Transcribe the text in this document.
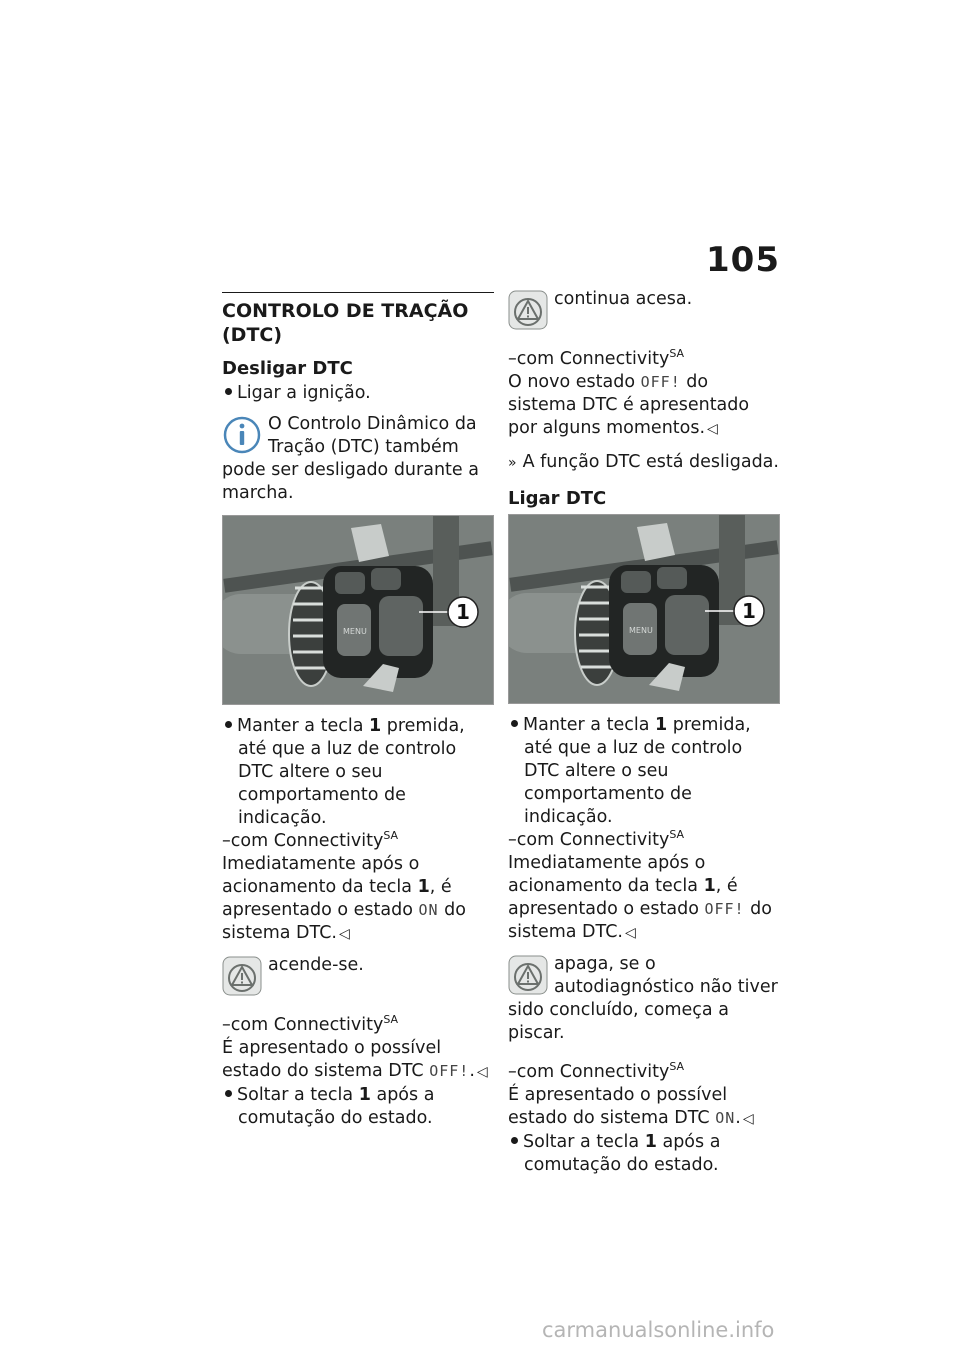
105
CONTROLO DE TRAÇÃO (DTC)
Desligar DTC

Ligar a ignição.

O Controlo Dinâmico da Tração (DTC) também pode ser desligado durante a marcha.
MENU
1

Manter a tecla 1 premida, até que a luz de controlo DTC altere o seu comportamento de indicação.

–com Connectivity$^{SA}$

Imediatamente após o acionamento da tecla 1, é apresentado o estado ON do sistema DTC. ◁

acende-se.

–com Connectivity$^{SA}$

É apresentado o possível estado do sistema DTC OFF!. ◁

Soltar a tecla 1 após a comutação do estado.

continua acesa.

–com Connectivity$^{SA}$

O novo estado OFF! do sistema DTC é apresentado por alguns momentos. ◁

» A função DTC está desligada.

Ligar DTC
MENU
1

Manter a tecla 1 premida, até que a luz de controlo DTC altere o seu comportamento de indicação.

–com Connectivity$^{SA}$

Imediatamente após o acionamento da tecla 1, é apresentado o estado OFF! do sistema DTC. ◁

apaga, se o autodiagnóstico não tiver sido concluído, começa a piscar.

–com Connectivity$^{SA}$

É apresentado o possível estado do sistema DTC ON. ◁

Soltar a tecla 1 após a comutação do estado.

carmanualsonline.info
